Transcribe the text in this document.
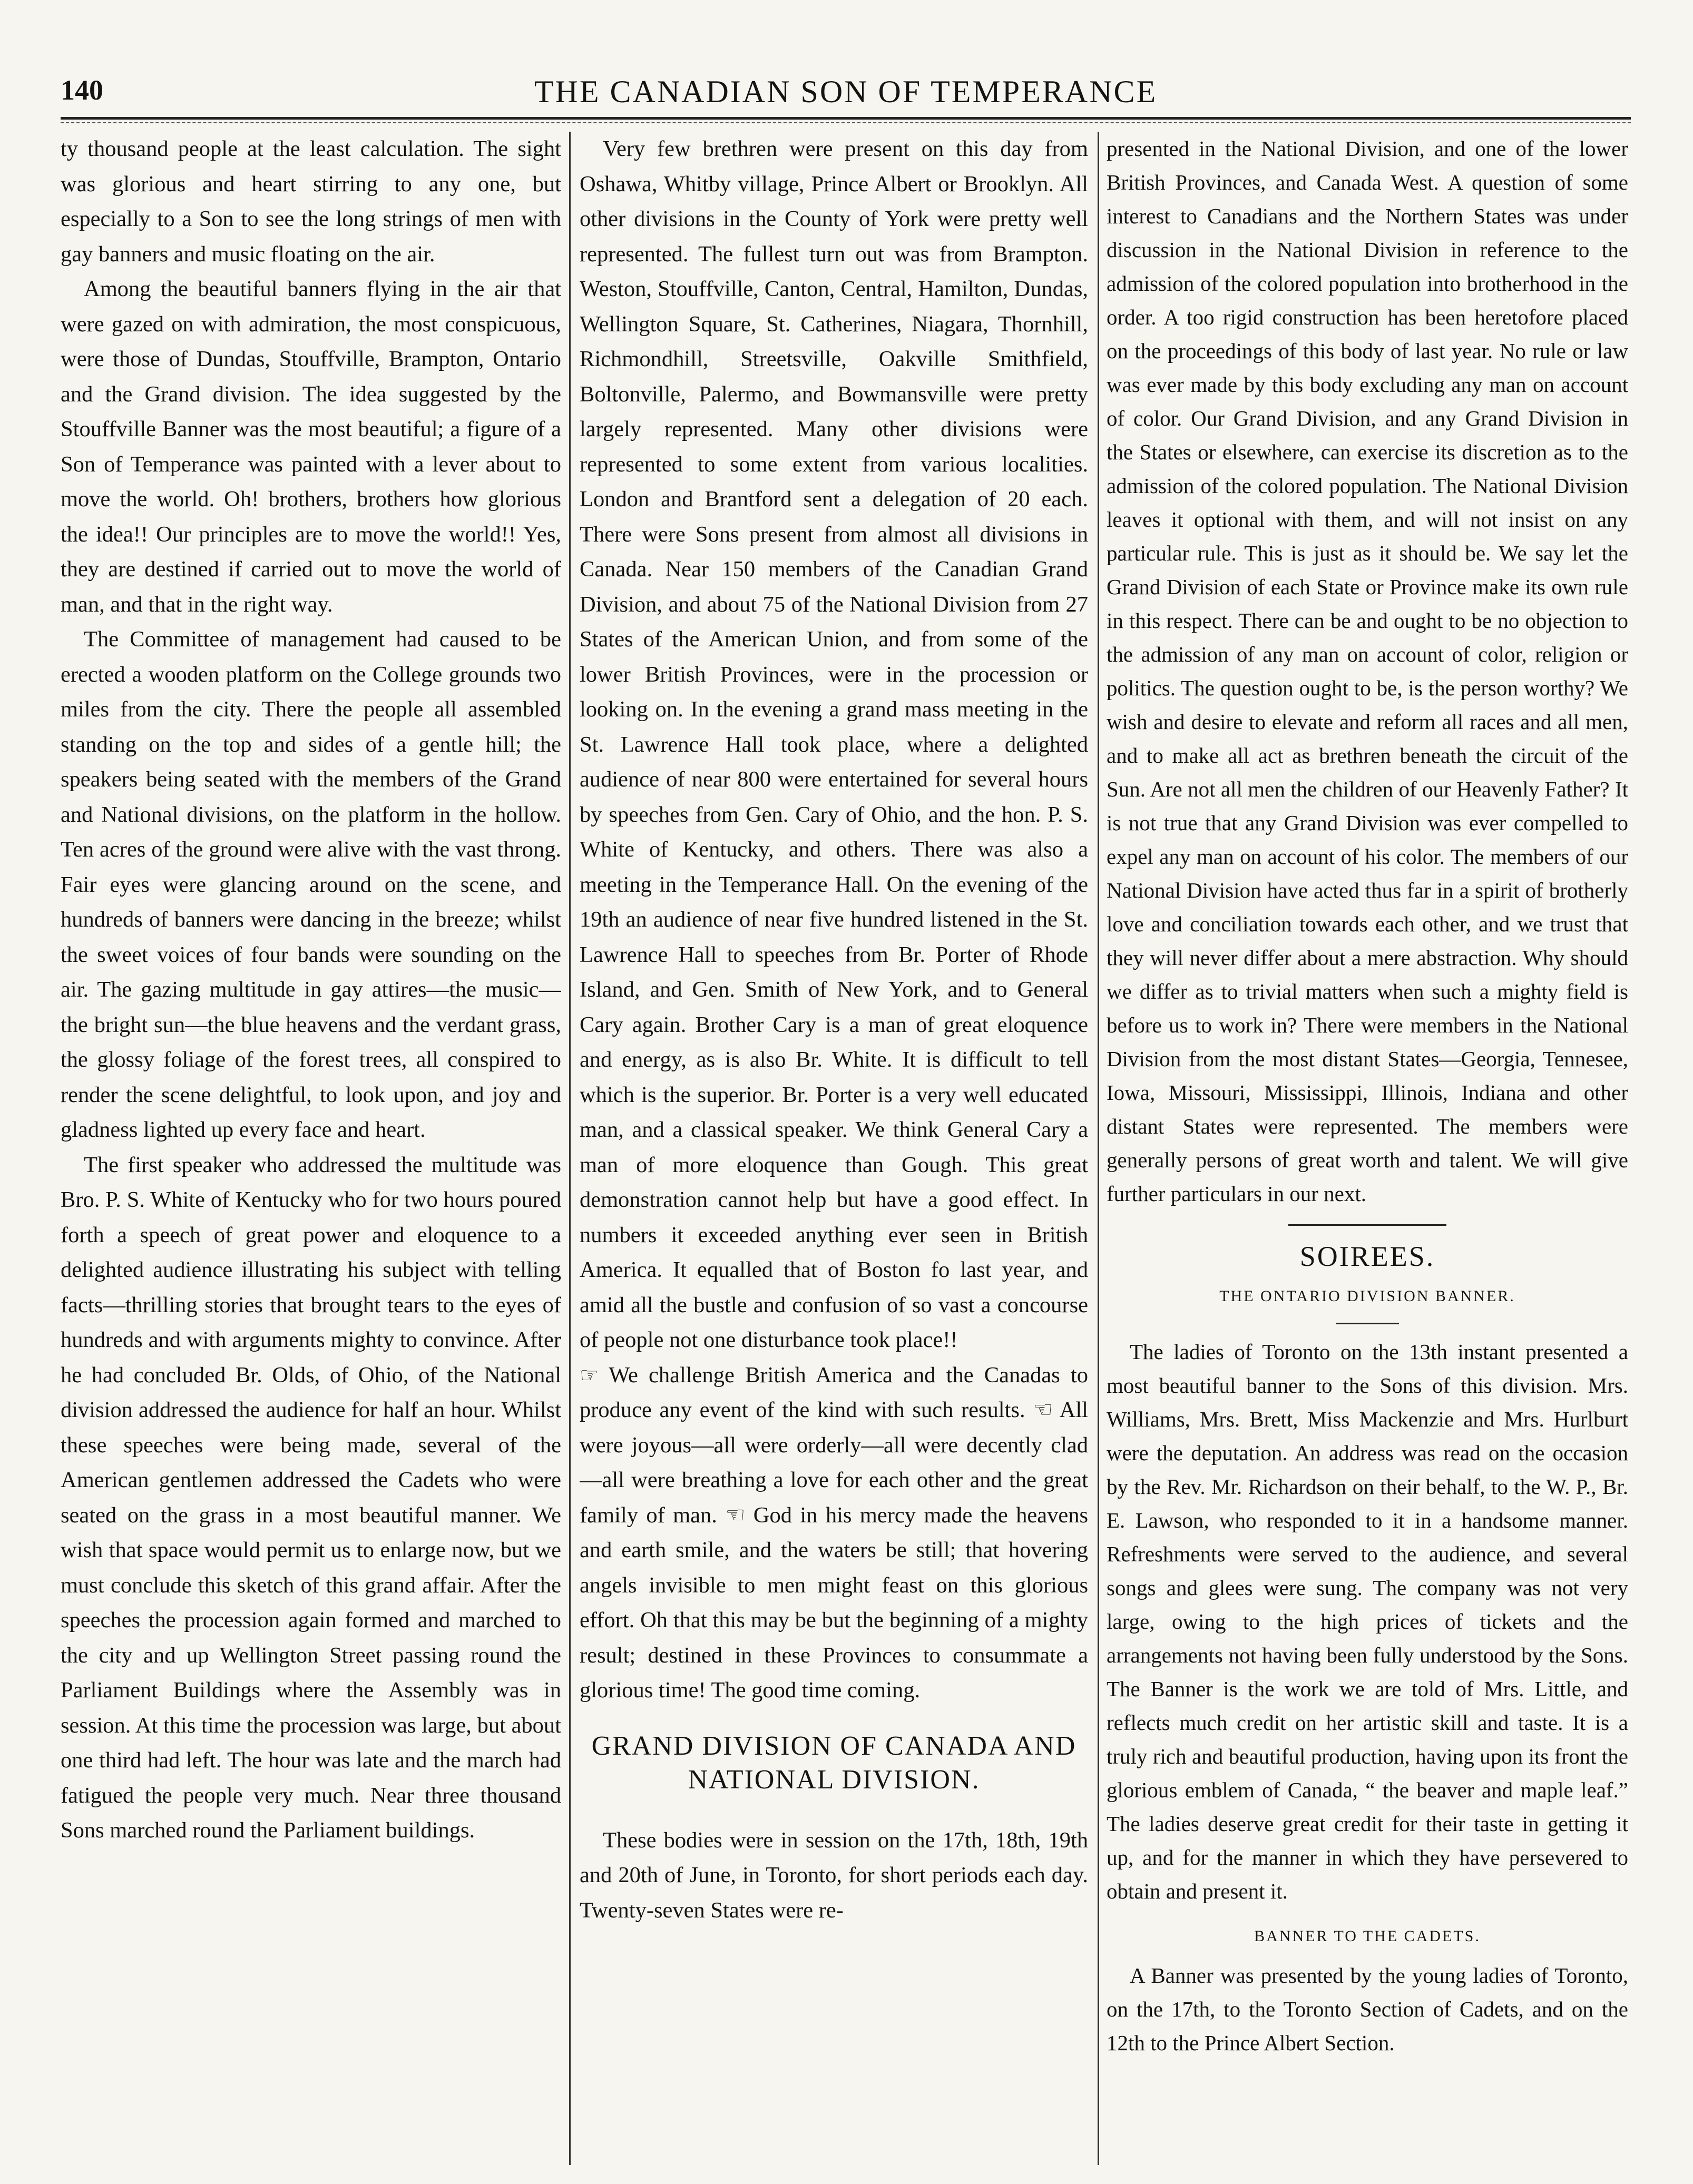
140	THE CANADIAN SON OF TEMPERANCE

ty thousand people at the least calculation. The sight was glorious and heart stirring to any one, but especially to a Son to see the long strings of men with gay banners and music floating on the air.

Among the beautiful banners flying in the air that were gazed on with admiration, the most conspicuous, were those of Dundas, Stouffville, Brampton, Ontario and the Grand division. The idea suggested by the Stouffville Banner was the most beautiful; a figure of a Son of Temperance was painted with a lever about to move the world. Oh! brothers, brothers how glorious the idea!! Our principles are to move the world!! Yes, they are destined if carried out to move the world of man, and that in the right way.

The Committee of management had caused to be erected a wooden platform on the College grounds two miles from the city. There the people all assembled standing on the top and sides of a gentle hill; the speakers being seated with the members of the Grand and National divisions, on the platform in the hollow. Ten acres of the ground were alive with the vast throng. Fair eyes were glancing around on the scene, and hundreds of banners were dancing in the breeze; whilst the sweet voices of four bands were sounding on the air. The gazing multitude in gay attires—the music—the bright sun—the blue heavens and the verdant grass, the glossy foliage of the forest trees, all conspired to render the scene delightful, to look upon, and joy and gladness lighted up every face and heart.

The first speaker who addressed the multitude was Bro. P. S. White of Kentucky who for two hours poured forth a speech of great power and eloquence to a delighted audience illustrating his subject with telling facts—thrilling stories that brought tears to the eyes of hundreds and with arguments mighty to convince. After he had concluded Br. Olds, of Ohio, of the National division addressed the audience for half an hour. Whilst these speeches were being made, several of the American gentlemen addressed the Cadets who were seated on the grass in a most beautiful manner. We wish that space would permit us to enlarge now, but we must conclude this sketch of this grand affair. After the speeches the procession again formed and marched to the city and up Wellington Street passing round the Parliament Buildings where the Assembly was in session. At this time the procession was large, but about one third had left. The hour was late and the march had fatigued the people very much. Near three thousand Sons marched round the Parliament buildings.

Very few brethren were present on this day from Oshawa, Whitby village, Prince Albert or Brooklyn. All other divisions in the County of York were pretty well represented. The fullest turn out was from Brampton. Weston, Stouffville, Canton, Central, Hamilton, Dundas, Wellington Square, St. Catherines, Niagara, Thornhill, Richmondhill, Streetsville, Oakville Smithfield, Boltonville, Palermo, and Bowmansville were pretty largely represented. Many other divisions were represented to some extent from various localities. London and Brantford sent a delegation of 20 each. There were Sons present from almost all divisions in Canada. Near 150 members of the Canadian Grand Division, and about 75 of the National Division from 27 States of the American Union, and from some of the lower British Provinces, were in the procession or looking on. In the evening a grand mass meeting in the St. Lawrence Hall took place, where a delighted audience of near 800 were entertained for several hours by speeches from Gen. Cary of Ohio, and the hon. P. S. White of Kentucky, and others. There was also a meeting in the Temperance Hall. On the evening of the 19th an audience of near five hundred listened in the St. Lawrence Hall to speeches from Br. Porter of Rhode Island, and Gen. Smith of New York, and to General Cary again. Brother Cary is a man of great eloquence and energy, as is also Br. White. It is difficult to tell which is the superior. Br. Porter is a very well educated man, and a classical speaker. We think General Cary a man of more eloquence than Gough. This great demonstration cannot help but have a good effect. In numbers it exceeded anything ever seen in British America. It equalled that of Boston fo last year, and amid all the bustle and confusion of so vast a concourse of people not one disturbance took place!!

☞ We challenge British America and the Canadas to produce any event of the kind with such results. ☜ All were joyous—all were orderly—all were decently clad—all were breathing a love for each other and the great family of man. ☜ God in his mercy made the heavens and earth smile, and the waters be still; that hovering angels invisible to men might feast on this glorious effort. Oh that this may be but the beginning of a mighty result; destined in these Provinces to consummate a glorious time! The good time coming.

GRAND DIVISION OF CANADA AND NATIONAL DIVISION.

These bodies were in session on the 17th, 18th, 19th and 20th of June, in Toronto, for short periods each day. Twenty-seven States were re-

presented in the National Division, and one of the lower British Provinces, and Canada West. A question of some interest to Canadians and the Northern States was under discussion in the National Division in reference to the admission of the colored population into brotherhood in the order. A too rigid construction has been heretofore placed on the proceedings of this body of last year. No rule or law was ever made by this body excluding any man on account of color. Our Grand Division, and any Grand Division in the States or elsewhere, can exercise its discretion as to the admission of the colored population. The National Division leaves it optional with them, and will not insist on any particular rule. This is just as it should be. We say let the Grand Division of each State or Province make its own rule in this respect. There can be and ought to be no objection to the admission of any man on account of color, religion or politics. The question ought to be, is the person worthy? We wish and desire to elevate and reform all races and all men, and to make all act as brethren beneath the circuit of the Sun. Are not all men the children of our Heavenly Father? It is not true that any Grand Division was ever compelled to expel any man on account of his color. The members of our National Division have acted thus far in a spirit of brotherly love and conciliation towards each other, and we trust that they will never differ about a mere abstraction. Why should we differ as to trivial matters when such a mighty field is before us to work in? There were members in the National Division from the most distant States—Georgia, Tennesee, Iowa, Missouri, Mississippi, Illinois, Indiana and other distant States were represented. The members were generally persons of great worth and talent. We will give further particulars in our next.

SOIREES.
THE ONTARIO DIVISION BANNER.

The ladies of Toronto on the 13th instant presented a most beautiful banner to the Sons of this division. Mrs. Williams, Mrs. Brett, Miss Mackenzie and Mrs. Hurlburt were the deputation. An address was read on the occasion by the Rev. Mr. Richardson on their behalf, to the W. P., Br. E. Lawson, who responded to it in a handsome manner. Refreshments were served to the audience, and several songs and glees were sung. The company was not very large, owing to the high prices of tickets and the arrangements not having been fully understood by the Sons. The Banner is the work we are told of Mrs. Little, and reflects much credit on her artistic skill and taste. It is a truly rich and beautiful production, having upon its front the glorious emblem of Canada, “ the beaver and maple leaf.” The ladies deserve great credit for their taste in getting it up, and for the manner in which they have persevered to obtain and present it.

BANNER TO THE CADETS.

A Banner was presented by the young ladies of Toronto, on the 17th, to the Toronto Section of Cadets, and on the 12th to the Prince Albert Section.
